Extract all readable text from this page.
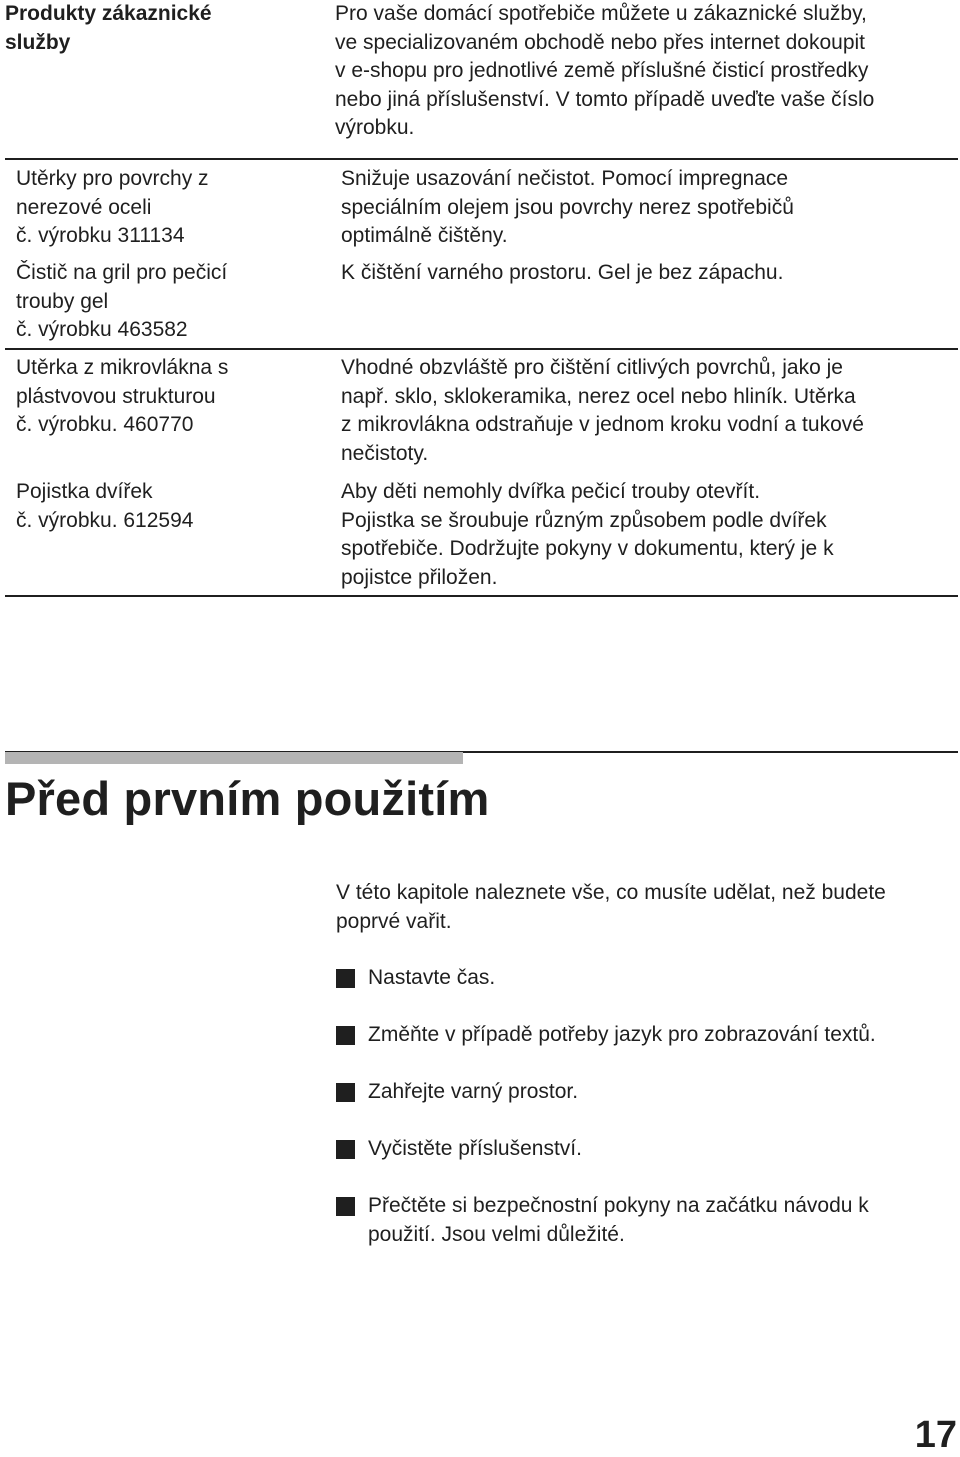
Produkty zákaznické
služby
Pro vaše domácí spotřebiče můžete u zákaznické služby,
ve specializovaném obchodě nebo přes internet dokoupit
v e-shopu pro jednotlivé země příslušné čisticí prostředky
nebo jiná příslušenství. V tomto případě uveďte vaše číslo
výrobku.
Utěrky pro povrchy z
nerezové oceli
č. výrobku 311134
Snižuje usazování nečistot. Pomocí impregnace
speciálním olejem jsou povrchy nerez spotřebičů
optimálně čištěny.
Čistič na gril pro pečicí
trouby gel
č. výrobku 463582
K čištění varného prostoru. Gel je bez zápachu.
Utěrka z mikrovlákna s
plástvovou strukturou
č. výrobku. 460770
Vhodné obzvláště pro čištění citlivých povrchů, jako je
např. sklo, sklokeramika, nerez ocel nebo hliník. Utěrka
z mikrovlákna odstraňuje v jednom kroku vodní a tukové
nečistoty.
Pojistka dvířek
č. výrobku. 612594
Aby děti nemohly dvířka pečicí trouby otevřít.
Pojistka se šroubuje různým způsobem podle dvířek
spotřebiče. Dodržujte pokyny v dokumentu, který je k
pojistce přiložen.
Před prvním použitím
V této kapitole naleznete vše, co musíte udělat, než budete
poprvé vařit.
Nastavte čas.
Změňte v případě potřeby jazyk pro zobrazování textů.
Zahřejte varný prostor.
Vyčistěte příslušenství.
Přečtěte si bezpečnostní pokyny na začátku návodu k
použití. Jsou velmi důležité.
17
